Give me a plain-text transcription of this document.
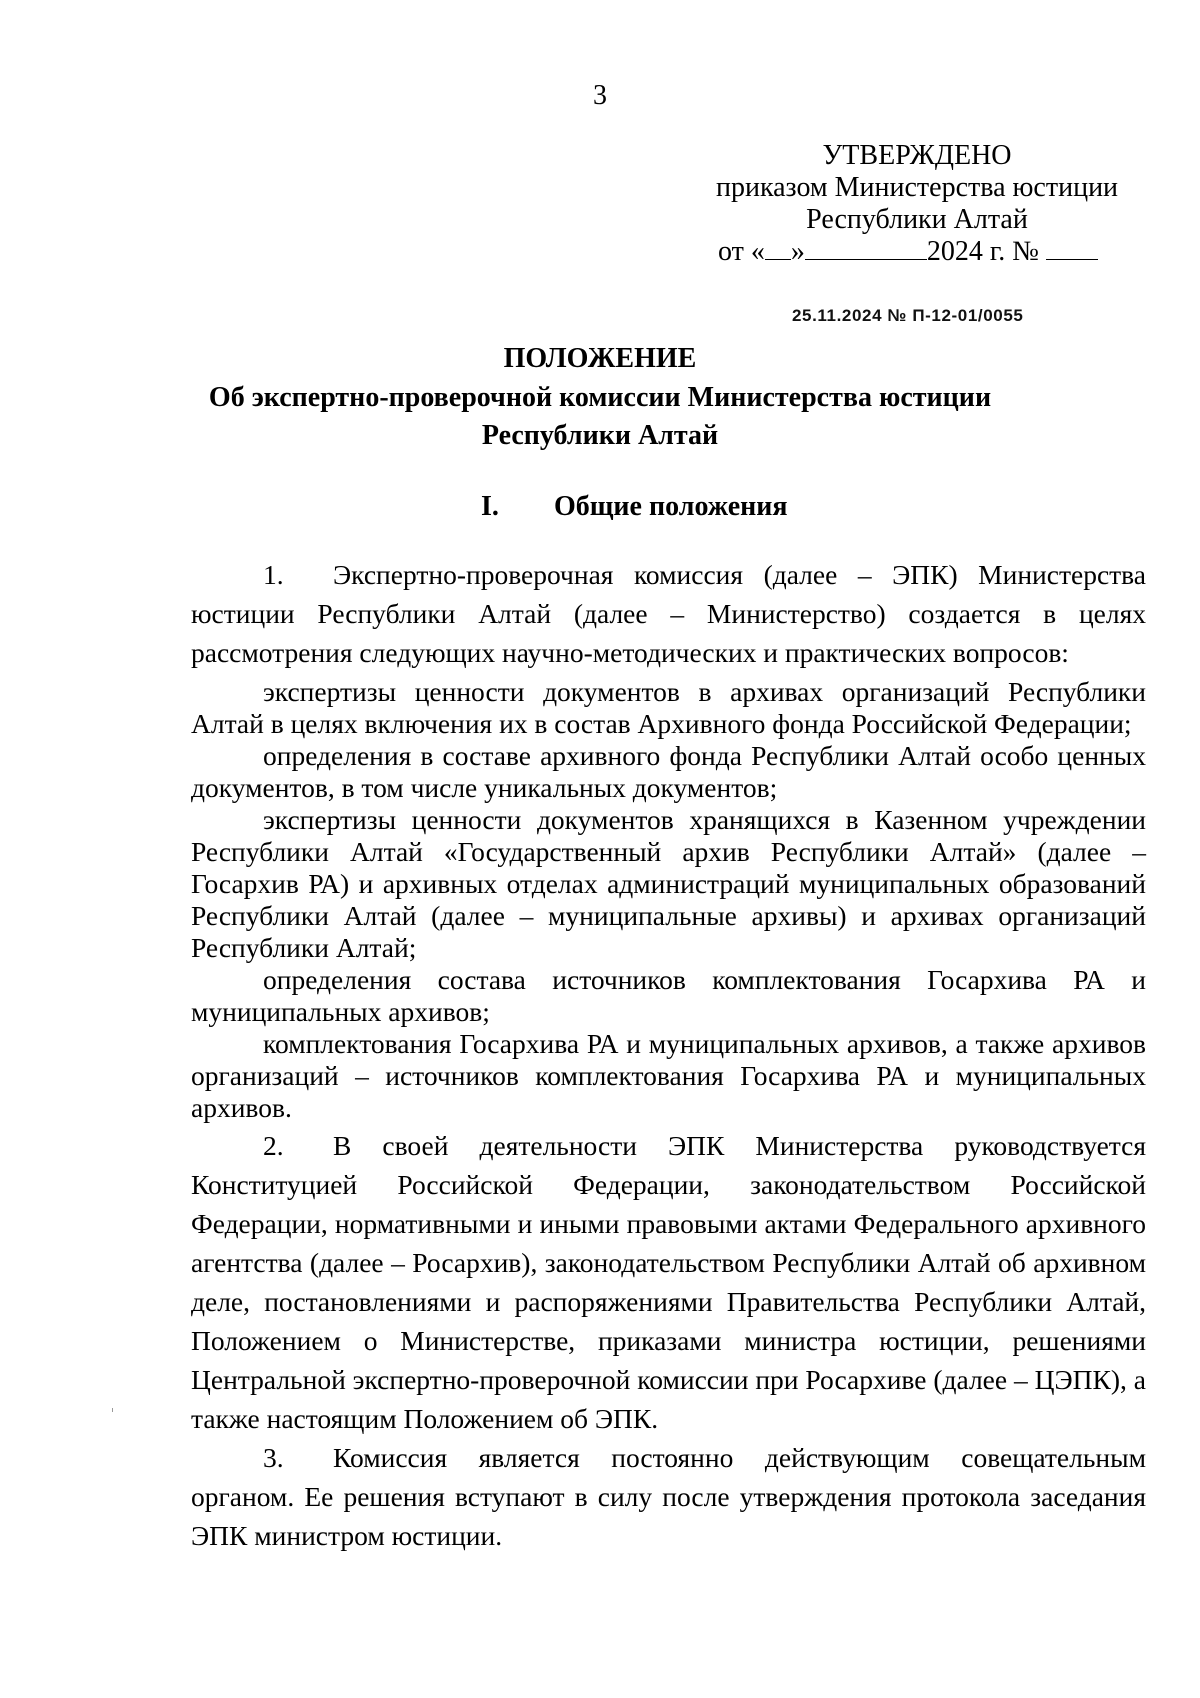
3
УТВЕРЖДЕНО
приказом Министерства юстиции
Республики Алтай
от « »	2024 г. №
25.11.2024 № П-12-01/0055
ПОЛОЖЕНИЕ
Об экспертно-проверочной комиссии Министерства юстиции
Республики Алтай
I. Общие положения

1. Экспертно-проверочная комиссия (далее – ЭПК) Министерства юстиции Республики Алтай (далее – Министерство) создается в целях рассмотрения следующих научно-методических и практических вопросов:

экспертизы ценности документов в архивах организаций Республики Алтай в целях включения их в состав Архивного фонда Российской Федерации;

определения в составе архивного фонда Республики Алтай особо ценных документов, в том числе уникальных документов;

экспертизы ценности документов хранящихся в Казенном учреждении Республики Алтай «Государственный архив Республики Алтай» (далее – Госархив РА) и архивных отделах администраций муниципальных образований Республики Алтай (далее – муниципальные архивы) и архивах организаций Республики Алтай;

определения состава источников комплектования Госархива РА и муниципальных архивов;

комплектования Госархива РА и муниципальных архивов, а также архивов организаций – источников комплектования Госархива РА и муниципальных архивов.

2. В своей деятельности ЭПК Министерства руководствуется Конституцией Российской Федерации, законодательством Российской Федерации, нормативными и иными правовыми актами Федерального архивного агентства (далее – Росархив), законодательством Республики Алтай об архивном деле, постановлениями и распоряжениями Правительства Республики Алтай, Положением о Министерстве, приказами министра юстиции, решениями Центральной экспертно-проверочной комиссии при Росархиве (далее – ЦЭПК), а также настоящим Положением об ЭПК.

3. Комиссия является постоянно действующим совещательным органом. Ее решения вступают в силу после утверждения протокола заседания ЭПК министром юстиции.
